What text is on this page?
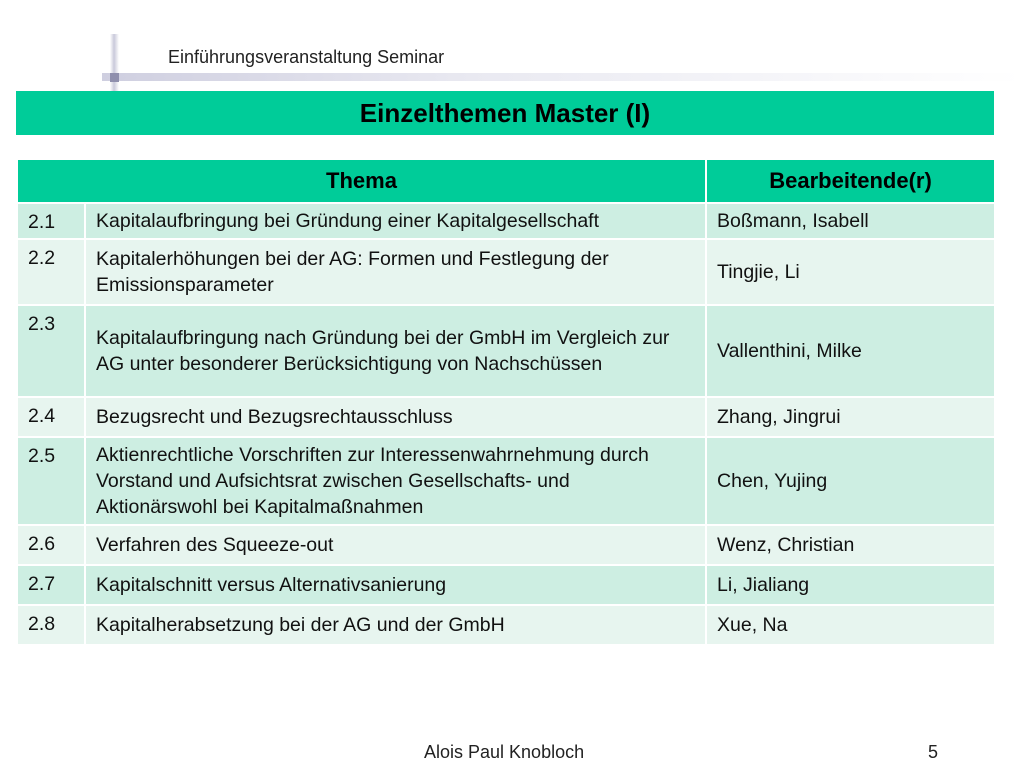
Einführungsveranstaltung Seminar
Einzelthemen Master (I)
Thema		Bearbeitende(r)
2.1	Kapitalaufbringung bei Gründung einer Kapitalgesellschaft	Boßmann, Isabell
2.2	Kapitalerhöhungen bei der AG: Formen und Festlegung der Emissionsparameter	Tingjie, Li
2.3	Kapitalaufbringung nach Gründung bei der GmbH im Vergleich zur AG unter besonderer Berücksichtigung von Nachschüssen	Vallenthini, Milke
2.4	Bezugsrecht und Bezugsrechtausschluss	Zhang, Jingrui
2.5	Aktienrechtliche Vorschriften zur Interessenwahrnehmung durch Vorstand und Aufsichtsrat zwischen Gesellschafts- und Aktionärswohl bei Kapitalmaßnahmen	Chen, Yujing
2.6	Verfahren des Squeeze-out	Wenz, Christian
2.7	Kapitalschnitt versus Alternativsanierung	Li, Jialiang
2.8	Kapitalherabsetzung bei der AG und der GmbH	Xue, Na
Alois Paul Knobloch	5
